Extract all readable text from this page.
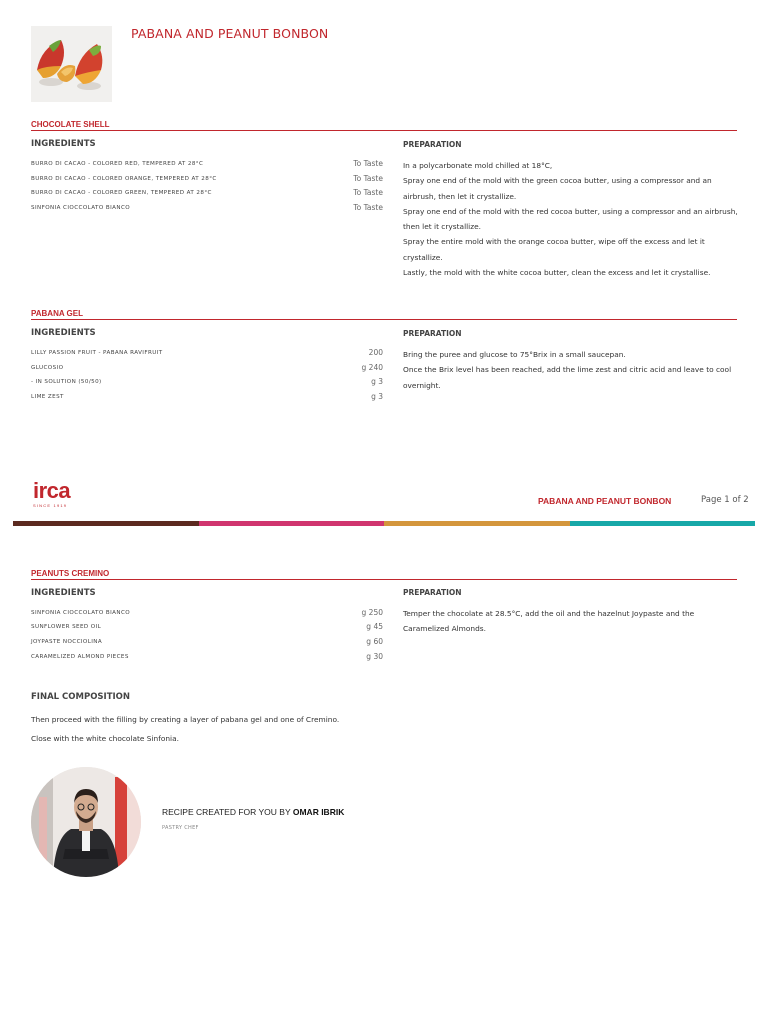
PABANA AND PEANUT BONBON
CHOCOLATE SHELL
INGREDIENTS	PREPARATION
BURRO DI CACAO - COLORED RED, TEMPERED AT 28°C	To Taste
BURRO DI CACAO - COLORED ORANGE, TEMPERED AT 28°C	To Taste
BURRO DI CACAO - COLORED GREEN, TEMPERED AT 28°C	To Taste
SINFONIA CIOCCOLATO BIANCO	To Taste

In a polycarbonate mold chilled at 18°C,

Spray one end of the mold with the green cocoa butter, using a compressor and an airbrush, then let it crystallize.

Spray one end of the mold with the red cocoa butter, using a compressor and an airbrush, then let it crystallize.

Spray the entire mold with the orange cocoa butter, wipe off the excess and let it crystallize.

Lastly, the mold with the white cocoa butter, clean the excess and let it crystallise.

PABANA GEL
INGREDIENTS	PREPARATION
LILLY PASSION FRUIT - PABANA RAVIFRUIT	200
GLUCOSIO	g 240
- IN SOLUTION (50/50)	g 3
LIME ZEST	g 3

Bring the puree and glucose to 75°Brix in a small saucepan.

Once the Brix level has been reached, add the lime zest and citric acid and leave to cool overnight.

irca
SINCE 1919	PABANA AND PEANUT BONBON	Page 1 of 2
PEANUTS CREMINO
INGREDIENTS	PREPARATION
SINFONIA CIOCCOLATO BIANCO	g 250
SUNFLOWER SEED OIL	g 45
JOYPASTE NOCCIOLINA	g 60
CARAMELIZED ALMOND PIECES	g 30

Temper the chocolate at 28.5°C, add the oil and the hazelnut Joypaste and the Caramelized Almonds.

FINAL COMPOSITION

Then proceed with the filling by creating a layer of pabana gel and one of Cremino.

Close with the white chocolate Sinfonia.

RECIPE CREATED FOR YOU BY OMAR IBRIK
PASTRY CHEF
